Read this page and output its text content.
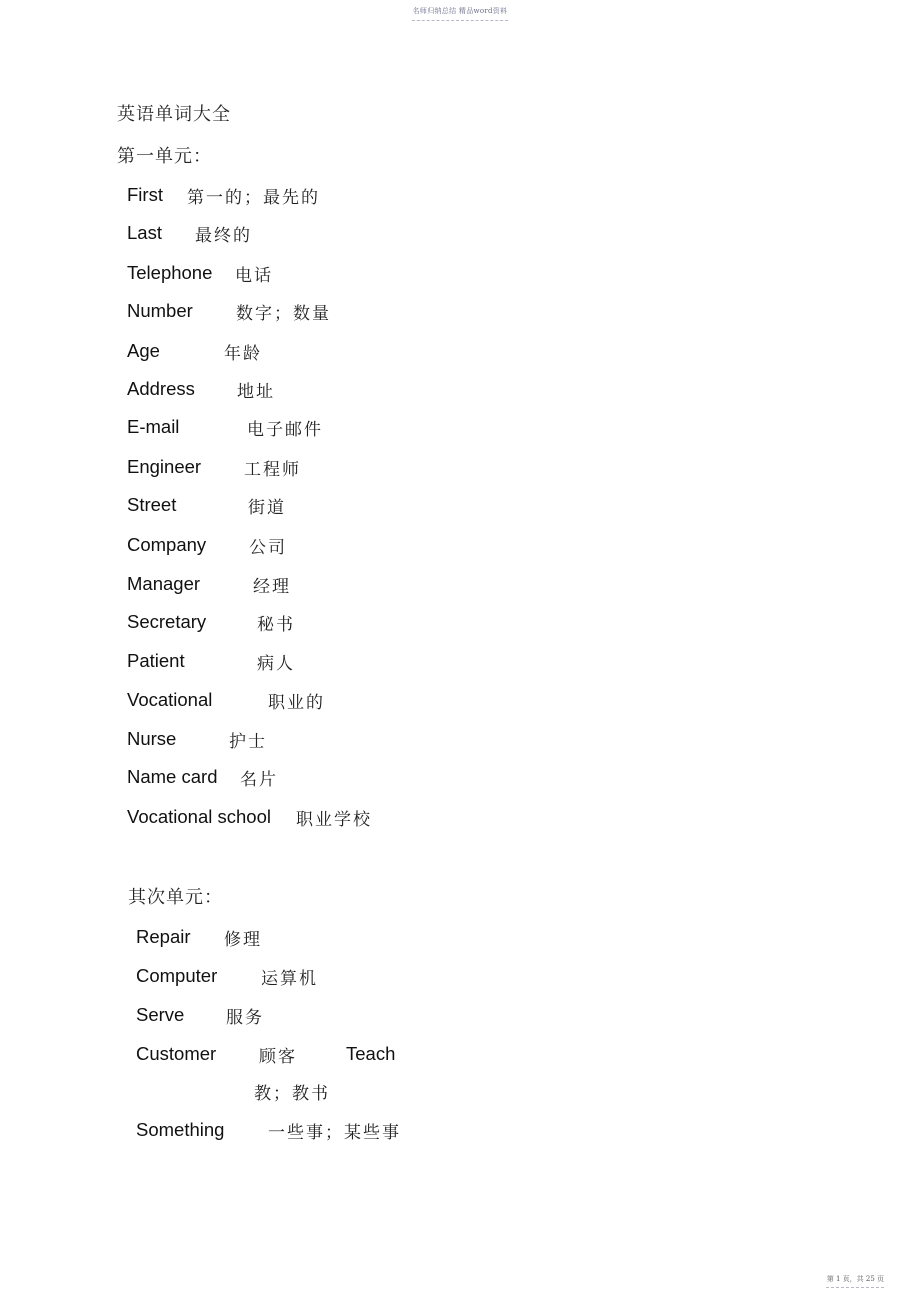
名师归纳总结 精品word资料
英语单词大全
第一单元：
First 第一的；最先的
Last 最终的
Telephone 电话
Number	数字；数量
Age	年龄
Address 地址
E-mail	电子邮件
Engineer	工程师
Street	街道
Company	公司
Manager	经理
Secretary	秘书
Patient	病人
Vocational	职业的
Nurse	护士
Name card 名片
Vocational school 职业学校
其次单元：
Repair 修理
Computer	运算机
Serve 服务
Customer	顾客	Teach
教；教书
Something	一些事；某些事
第 1 页，共 25 页
